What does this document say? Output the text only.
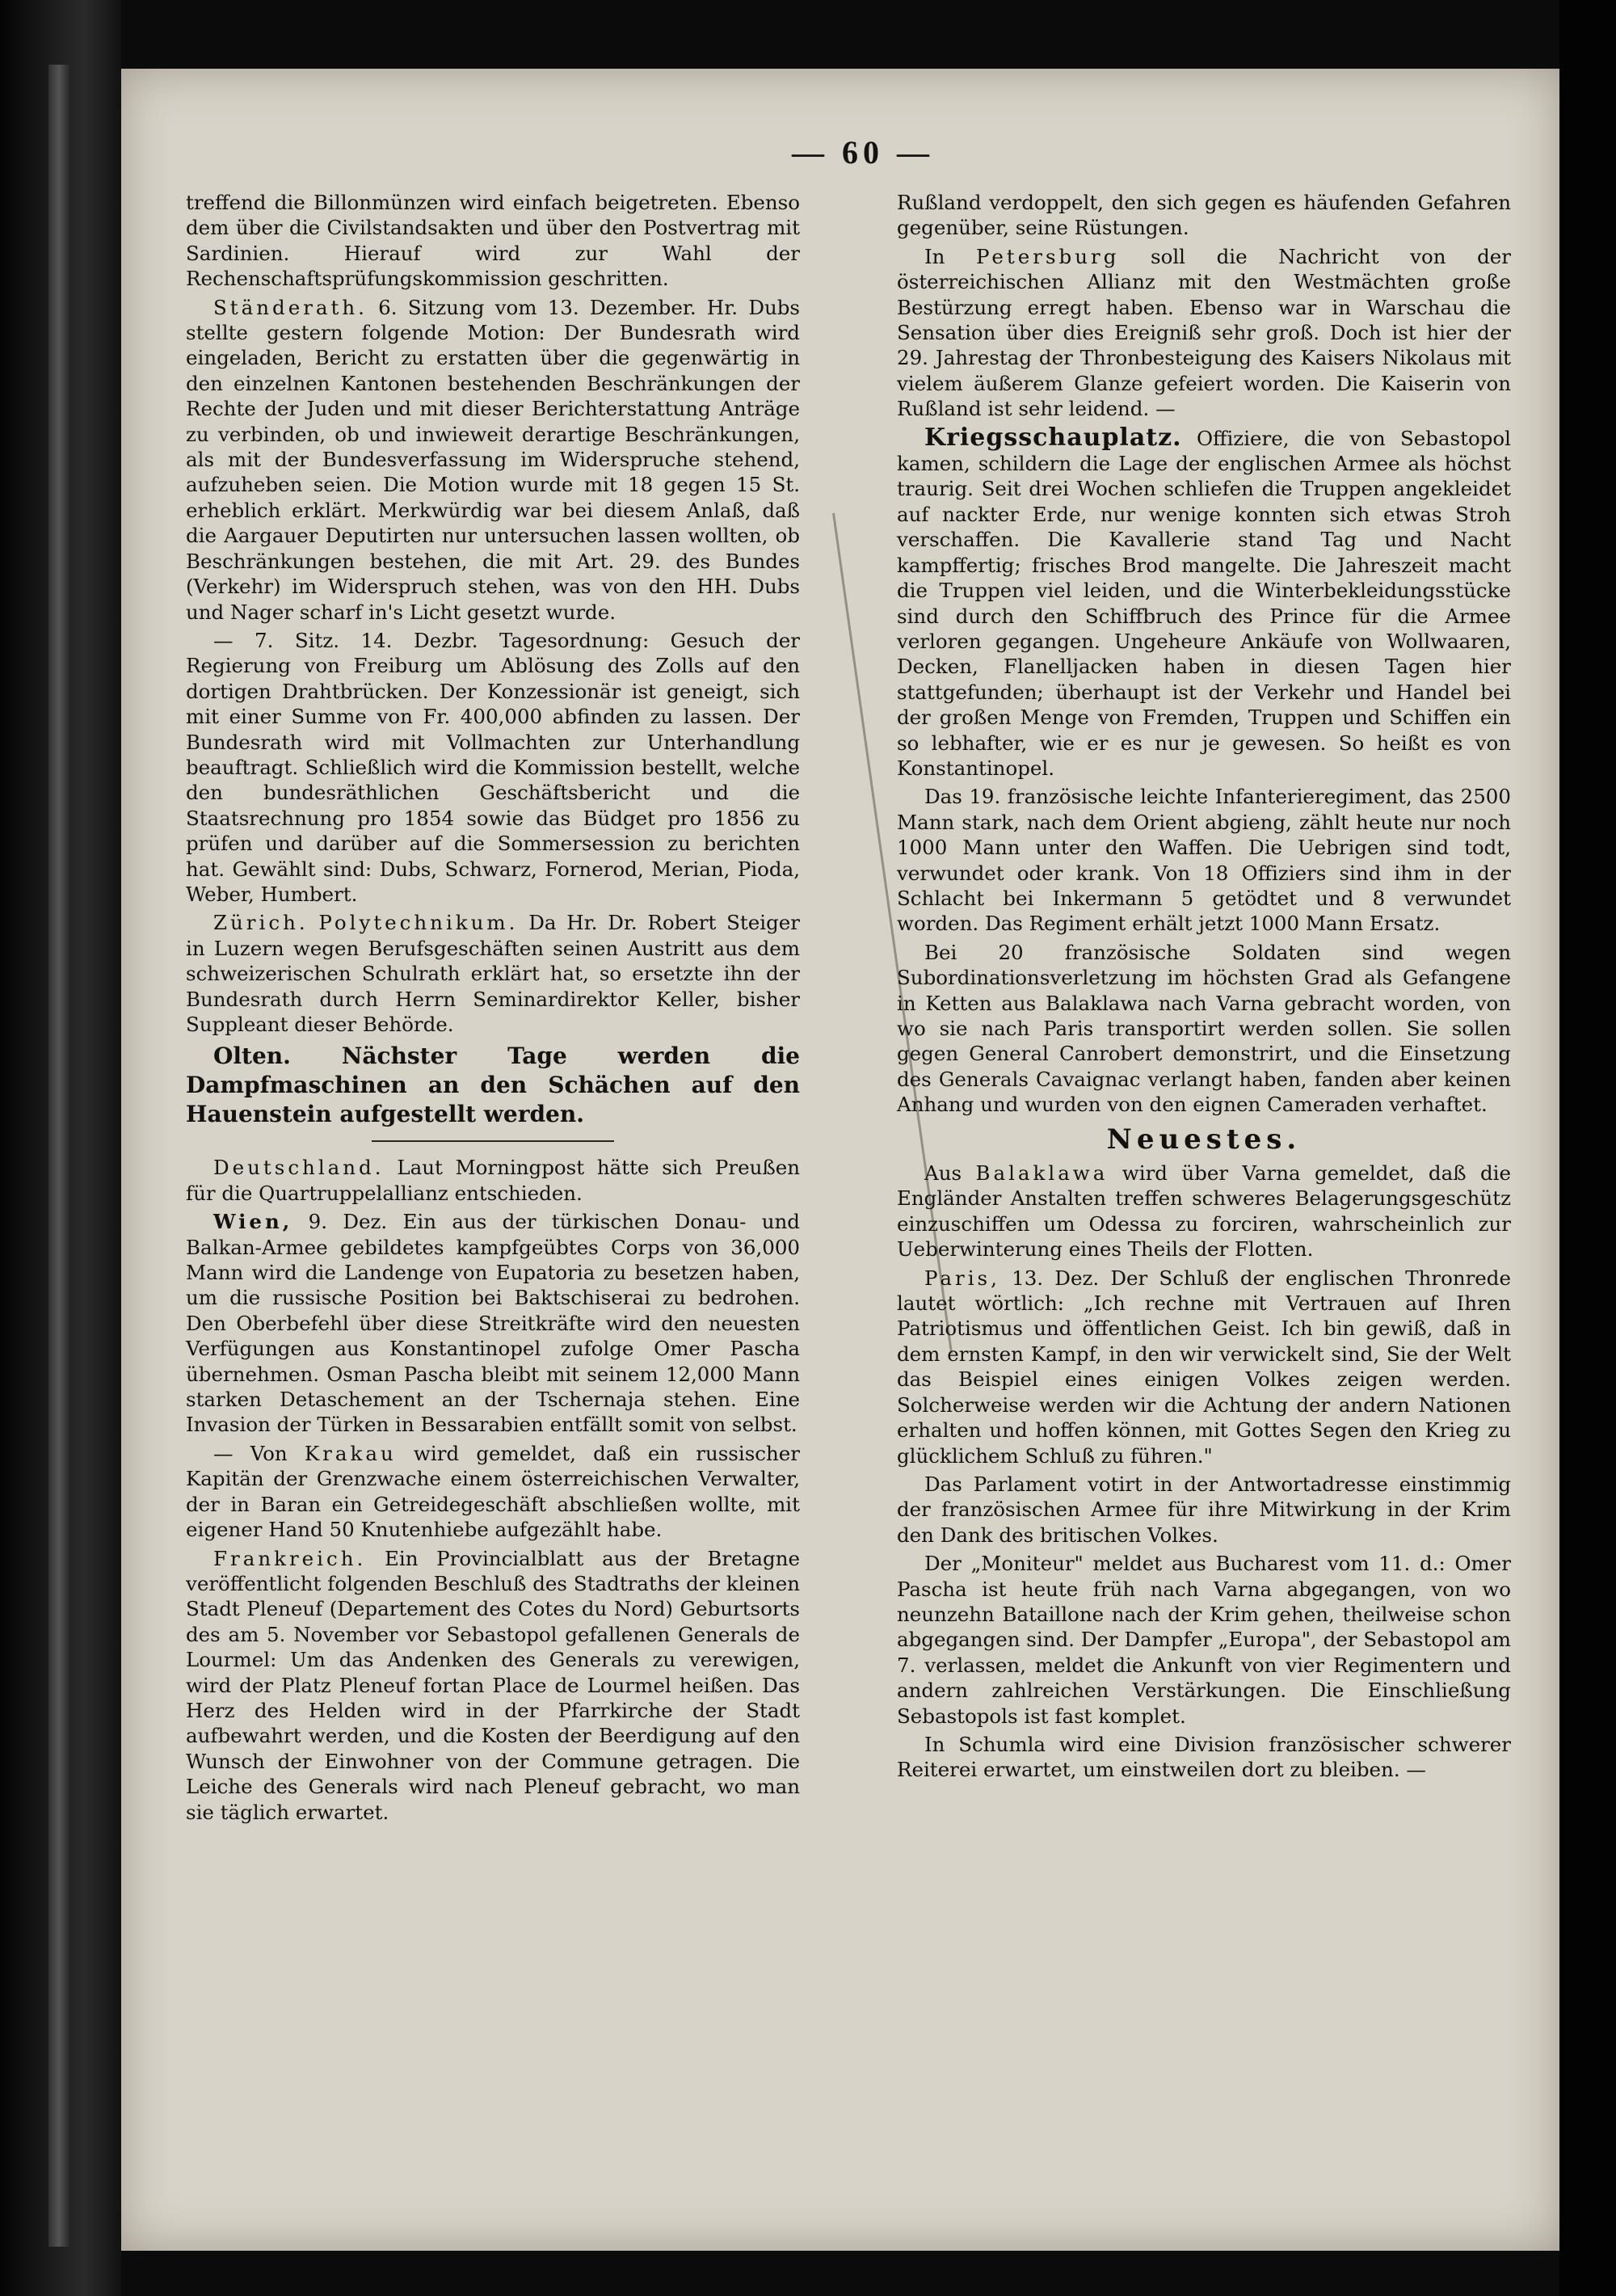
— 60 —

treffend die Billonmünzen wird einfach beigetreten. Ebenso dem über die Civilstandsakten und über den Postvertrag mit Sardinien. Hierauf wird zur Wahl der Rechenschaftsprüfungskommission geschritten.

Ständerath. 6. Sitzung vom 13. Dezember. Hr. Dubs stellte gestern folgende Motion: Der Bundesrath wird eingeladen, Bericht zu erstatten über die gegenwärtig in den einzelnen Kantonen bestehenden Beschränkungen der Rechte der Juden und mit dieser Berichterstattung Anträge zu verbinden, ob und inwieweit derartige Beschränkungen, als mit der Bundesverfassung im Widerspruche stehend, aufzuheben seien. Die Motion wurde mit 18 gegen 15 St. erheblich erklärt. Merkwürdig war bei diesem Anlaß, daß die Aargauer Deputirten nur untersuchen lassen wollten, ob Beschränkungen bestehen, die mit Art. 29. des Bundes (Verkehr) im Widerspruch stehen, was von den HH. Dubs und Nager scharf in's Licht gesetzt wurde.

— 7. Sitz. 14. Dezbr. Tagesordnung: Gesuch der Regierung von Freiburg um Ablösung des Zolls auf den dortigen Drahtbrücken. Der Konzessionär ist geneigt, sich mit einer Summe von Fr. 400,000 abfinden zu lassen. Der Bundesrath wird mit Vollmachten zur Unterhandlung beauftragt. Schließlich wird die Kommission bestellt, welche den bundesräthlichen Geschäftsbericht und die Staatsrechnung pro 1854 sowie das Büdget pro 1856 zu prüfen und darüber auf die Sommersession zu berichten hat. Gewählt sind: Dubs, Schwarz, Fornerod, Merian, Pioda, Weber, Humbert.

Zürich. Polytechnikum. Da Hr. Dr. Robert Steiger in Luzern wegen Berufsgeschäften seinen Austritt aus dem schweizerischen Schulrath erklärt hat, so ersetzte ihn der Bundesrath durch Herrn Seminardirektor Keller, bisher Suppleant dieser Behörde.

Olten. Nächster Tage werden die Dampfmaschinen an den Schächen auf den Hauenstein aufgestellt werden.

Deutschland. Laut Morningpost hätte sich Preußen für die Quartruppelallianz entschieden.

Wien, 9. Dez. Ein aus der türkischen Donau- und Balkan-Armee gebildetes kampfgeübtes Corps von 36,000 Mann wird die Landenge von Eupatoria zu besetzen haben, um die russische Position bei Baktschiserai zu bedrohen. Den Oberbefehl über diese Streitkräfte wird den neuesten Verfügungen aus Konstantinopel zufolge Omer Pascha übernehmen. Osman Pascha bleibt mit seinem 12,000 Mann starken Detaschement an der Tschernaja stehen. Eine Invasion der Türken in Bessarabien entfällt somit von selbst.

— Von Krakau wird gemeldet, daß ein russischer Kapitän der Grenzwache einem österreichischen Verwalter, der in Baran ein Getreidegeschäft abschließen wollte, mit eigener Hand 50 Knutenhiebe aufgezählt habe.

Frankreich. Ein Provincialblatt aus der Bretagne veröffentlicht folgenden Beschluß des Stadtraths der kleinen Stadt Pleneuf (Departement des Cotes du Nord) Geburtsorts des am 5. November vor Sebastopol gefallenen Generals de Lourmel: Um das Andenken des Generals zu verewigen, wird der Platz Pleneuf fortan Place de Lourmel heißen. Das Herz des Helden wird in der Pfarrkirche der Stadt aufbewahrt werden, und die Kosten der Beerdigung auf den Wunsch der Einwohner von der Commune getragen. Die Leiche des Generals wird nach Pleneuf gebracht, wo man sie täglich erwartet.

Rußland verdoppelt, den sich gegen es häufenden Gefahren gegenüber, seine Rüstungen.

In Petersburg soll die Nachricht von der österreichischen Allianz mit den Westmächten große Bestürzung erregt haben. Ebenso war in Warschau die Sensation über dies Ereigniß sehr groß. Doch ist hier der 29. Jahrestag der Thronbesteigung des Kaisers Nikolaus mit vielem äußerem Glanze gefeiert worden. Die Kaiserin von Rußland ist sehr leidend. —

Kriegsschauplatz. Offiziere, die von Sebastopol kamen, schildern die Lage der englischen Armee als höchst traurig. Seit drei Wochen schliefen die Truppen angekleidet auf nackter Erde, nur wenige konnten sich etwas Stroh verschaffen. Die Kavallerie stand Tag und Nacht kampffertig; frisches Brod mangelte. Die Jahreszeit macht die Truppen viel leiden, und die Winterbekleidungsstücke sind durch den Schiffbruch des Prince für die Armee verloren gegangen. Ungeheure Ankäufe von Wollwaaren, Decken, Flanelljacken haben in diesen Tagen hier stattgefunden; überhaupt ist der Verkehr und Handel bei der großen Menge von Fremden, Truppen und Schiffen ein so lebhafter, wie er es nur je gewesen. So heißt es von Konstantinopel.

Das 19. französische leichte Infanterieregiment, das 2500 Mann stark, nach dem Orient abgieng, zählt heute nur noch 1000 Mann unter den Waffen. Die Uebrigen sind todt, verwundet oder krank. Von 18 Offiziers sind ihm in der Schlacht bei Inkermann 5 getödtet und 8 verwundet worden. Das Regiment erhält jetzt 1000 Mann Ersatz.

Bei 20 französische Soldaten sind wegen Subordinationsverletzung im höchsten Grad als Gefangene in Ketten aus Balaklawa nach Varna gebracht worden, von wo sie nach Paris transportirt werden sollen. Sie sollen gegen General Canrobert demonstrirt, und die Einsetzung des Generals Cavaignac verlangt haben, fanden aber keinen Anhang und wurden von den eignen Cameraden verhaftet.

Neuestes.

Aus Balaklawa wird über Varna gemeldet, daß die Engländer Anstalten treffen schweres Belagerungsgeschütz einzuschiffen um Odessa zu forciren, wahrscheinlich zur Ueberwinterung eines Theils der Flotten.

Paris, 13. Dez. Der Schluß der englischen Thronrede lautet wörtlich: „Ich rechne mit Vertrauen auf Ihren Patriotismus und öffentlichen Geist. Ich bin gewiß, daß in dem ernsten Kampf, in den wir verwickelt sind, Sie der Welt das Beispiel eines einigen Volkes zeigen werden. Solcherweise werden wir die Achtung der andern Nationen erhalten und hoffen können, mit Gottes Segen den Krieg zu glücklichem Schluß zu führen."

Das Parlament votirt in der Antwortadresse einstimmig der französischen Armee für ihre Mitwirkung in der Krim den Dank des britischen Volkes.

Der „Moniteur" meldet aus Bucharest vom 11. d.: Omer Pascha ist heute früh nach Varna abgegangen, von wo neunzehn Bataillone nach der Krim gehen, theilweise schon abgegangen sind. Der Dampfer „Europa", der Sebastopol am 7. verlassen, meldet die Ankunft von vier Regimentern und andern zahlreichen Verstärkungen. Die Einschließung Sebastopols ist fast komplet.

In Schumla wird eine Division französischer schwerer Reiterei erwartet, um einstweilen dort zu bleiben. —
